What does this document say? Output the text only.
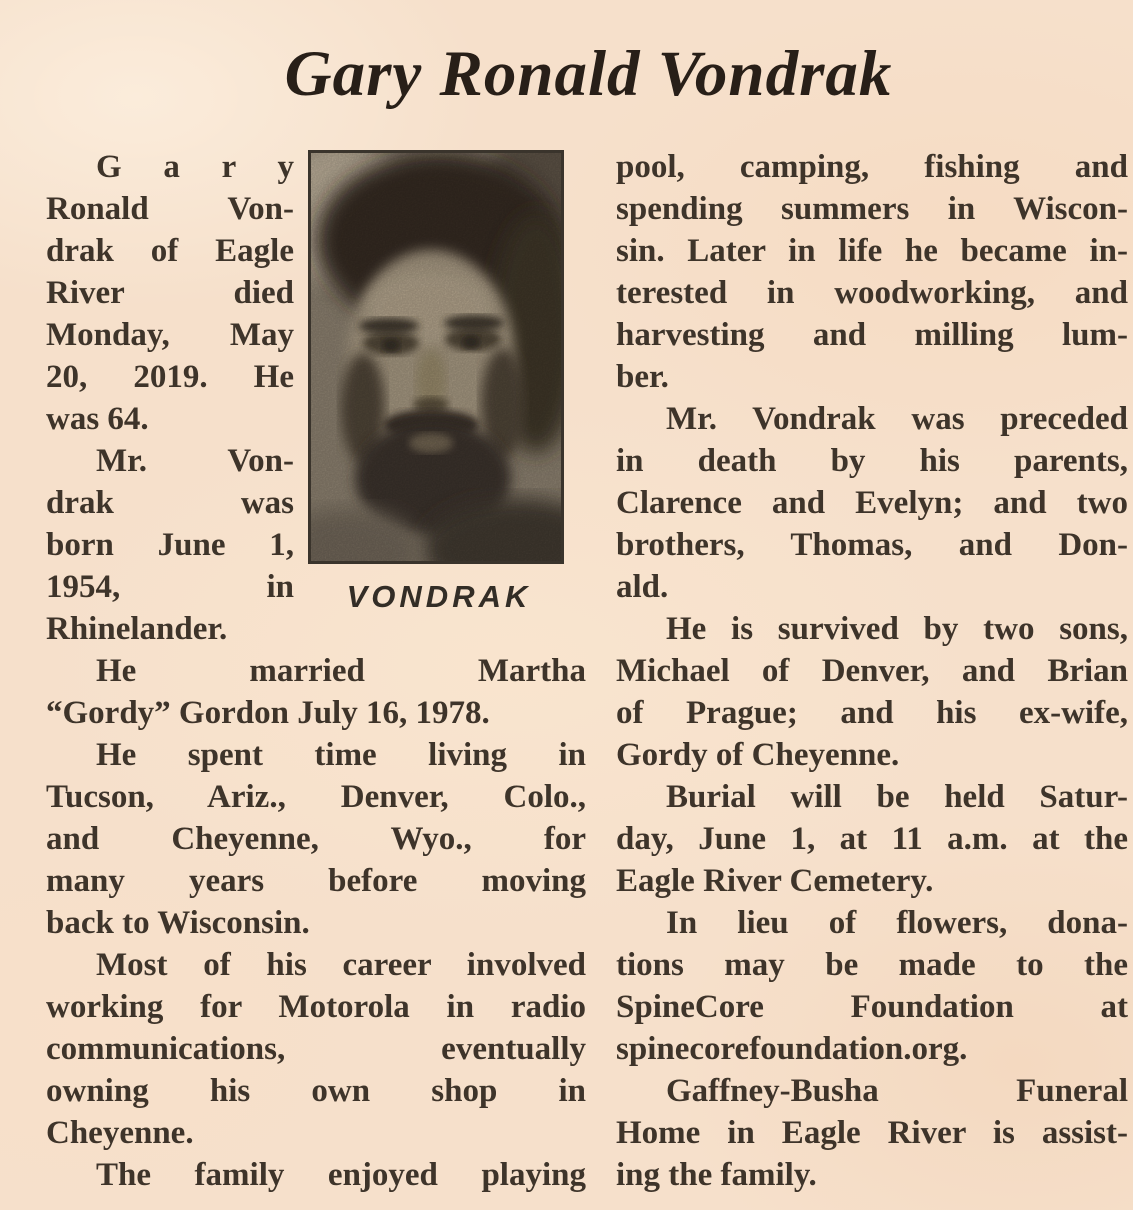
Gary Ronald Vondrak
VONDRAK
G a r y
Ronald Von-
drak of Eagle
River died
Monday, May
20, 2019. He
was 64.
Mr. Von-
drak was
born June 1,
1954, in
Rhinelander.
He married Martha
“Gordy” Gordon July 16, 1978.
He spent time living in
Tucson, Ariz., Denver, Colo.,
and Cheyenne, Wyo., for
many years before moving
back to Wisconsin.
Most of his career involved
working for Motorola in radio
communications, eventually
owning his own shop in
Cheyenne.
The family enjoyed playing
pool, camping, fishing and
spending summers in Wiscon-
sin. Later in life he became in-
terested in woodworking, and
harvesting and milling lum-
ber.
Mr. Vondrak was preceded
in death by his parents,
Clarence and Evelyn; and two
brothers, Thomas, and Don-
ald.
He is survived by two sons,
Michael of Denver, and Brian
of Prague; and his ex-wife,
Gordy of Cheyenne.
Burial will be held Satur-
day, June 1, at 11 a.m. at the
Eagle River Cemetery.
In lieu of flowers, dona-
tions may be made to the
SpineCore Foundation at
spinecorefoundation.org.
Gaffney-Busha Funeral
Home in Eagle River is assist-
ing the family.
